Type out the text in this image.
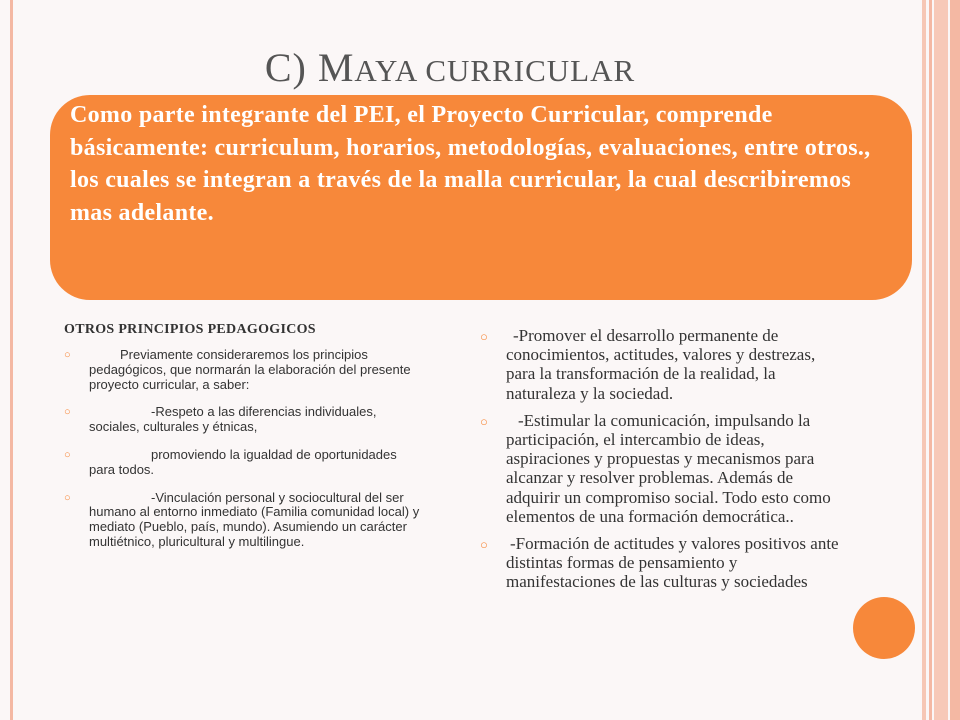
C) MAYA CURRICULAR

Como parte integrante del PEI, el Proyecto Curricular, comprende básicamente: curriculum, horarios, metodologías, evaluaciones, entre otros., los cuales se integran a través de la malla curricular, la cual describiremos mas adelante.

OTROS PRINCIPIOS PEDAGOGICOS
○	Previamente consideraremos los principios pedagógicos, que normarán la elaboración del presente proyecto curricular, a saber:
○	-Respeto a las diferencias individuales, sociales, culturales y étnicas,
○	promoviendo la igualdad de oportunidades para todos.
○	-Vinculación personal y sociocultural del ser humano al entorno inmediato (Familia comunidad local) y mediato (Pueblo, país, mundo). Asumiendo un carácter multiétnico, pluricultural y multilingue.
○ -Promover el desarrollo permanente de conocimientos, actitudes, valores y destrezas, para la transformación de la realidad, la naturaleza y la sociedad.
○ -Estimular la comunicación, impulsando la participación, el intercambio de ideas, aspiraciones y propuestas y mecanismos para alcanzar y resolver problemas. Además de adquirir un compromiso social. Todo esto como elementos de una formación democrática..
○ -Formación de actitudes y valores positivos ante distintas formas de pensamiento y manifestaciones de las culturas y sociedades
